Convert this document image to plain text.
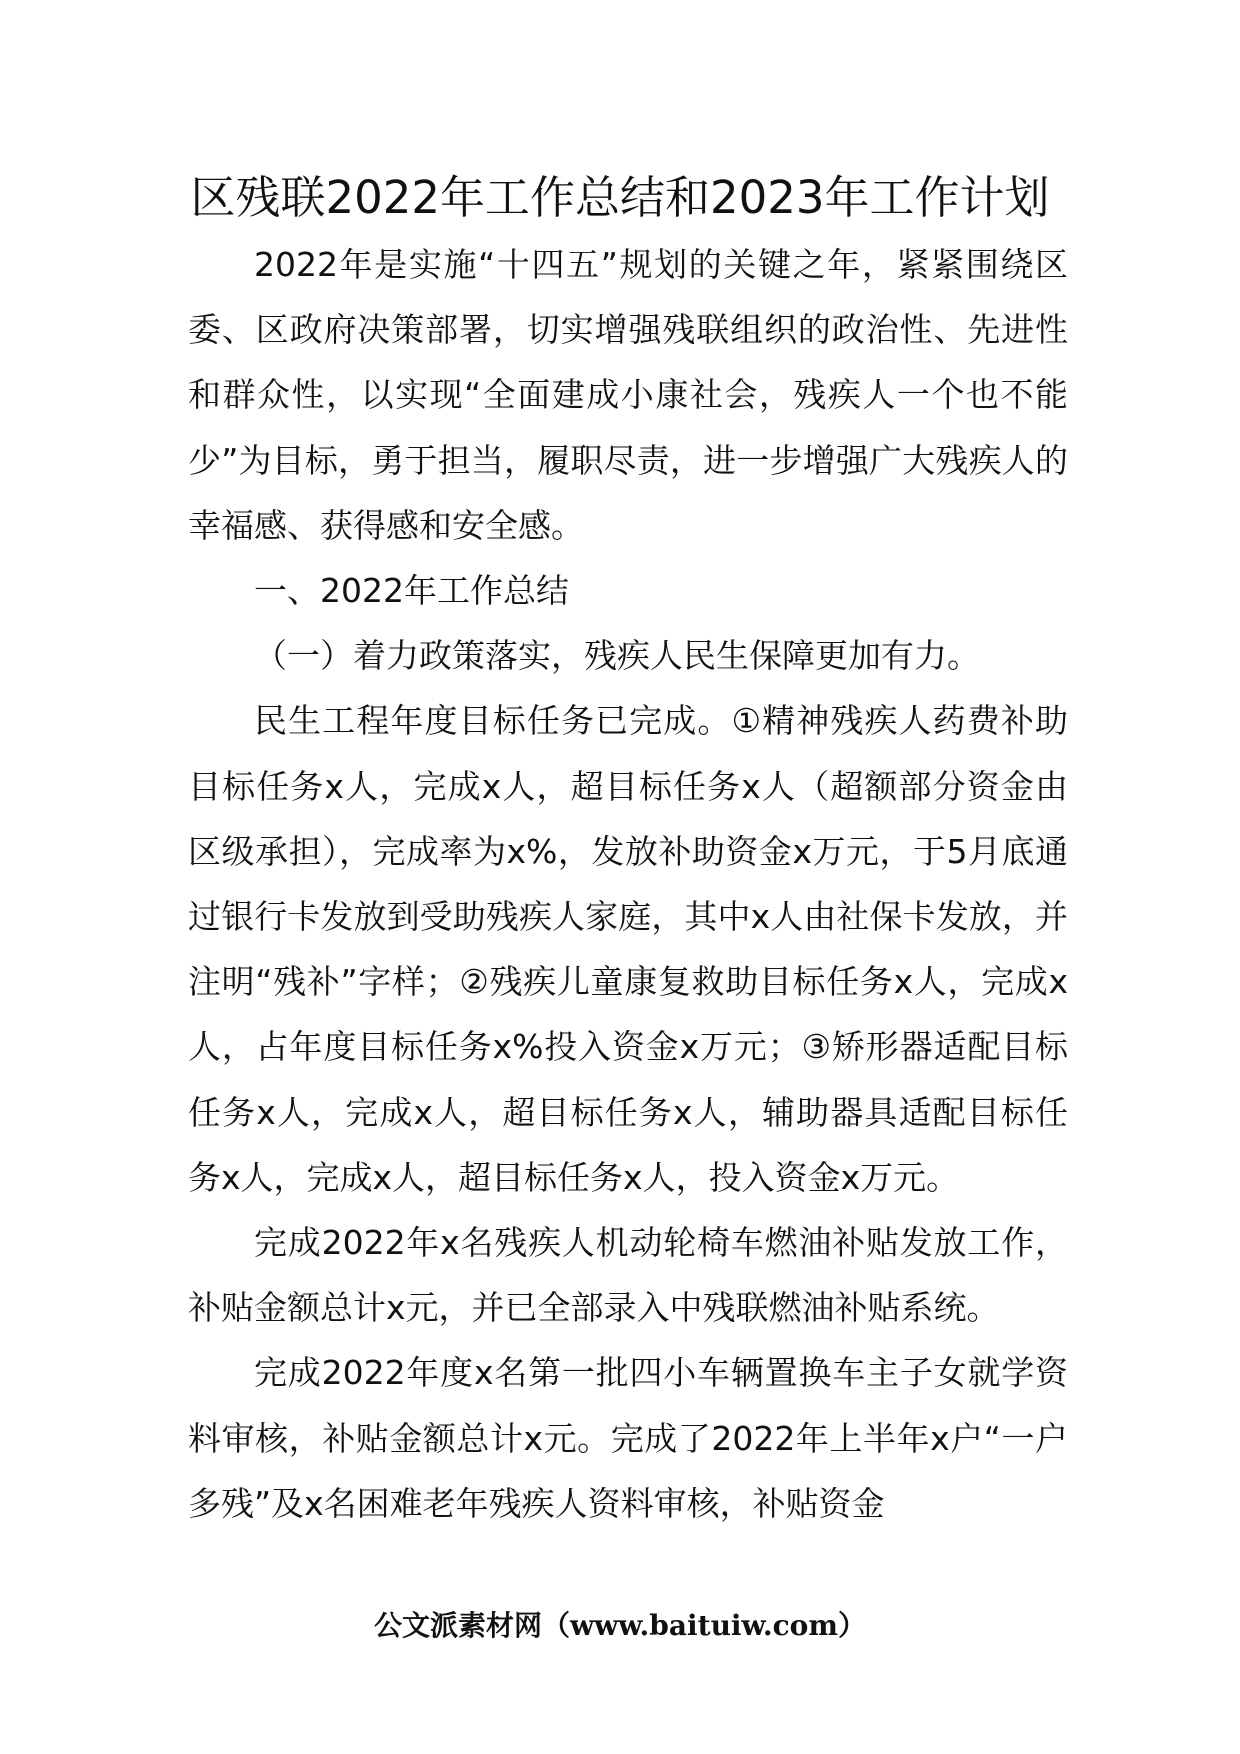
区残联2022年工作总结和2023年工作计划

2022年是实施“十四五”规划的关键之年，紧紧围绕区委、区政府决策部署，切实增强残联组织的政治性、先进性和群众性，以实现“全面建成小康社会，残疾人一个也不能少”为目标，勇于担当，履职尽责，进一步增强广大残疾人的幸福感、获得感和安全感。

一、2022年工作总结

（一）着力政策落实，残疾人民生保障更加有力。

民生工程年度目标任务已完成。①精神残疾人药费补助目标任务x人，完成x人，超目标任务x人（超额部分资金由区级承担），完成率为x%，发放补助资金x万元，于5月底通过银行卡发放到受助残疾人家庭，其中x人由社保卡发放，并注明“残补”字样；②残疾儿童康复救助目标任务x人，完成x人，占年度目标任务x%投入资金x万元；③矫形器适配目标任务x人，完成x人，超目标任务x人，辅助器具适配目标任务x人，完成x人，超目标任务x人，投入资金x万元。

完成2022年x名残疾人机动轮椅车燃油补贴发放工作，补贴金额总计x元，并已全部录入中残联燃油补贴系统。

完成2022年度x名第一批四小车辆置换车主子女就学资料审核，补贴金额总计x元。完成了2022年上半年x户“一户多残”及x名困难老年残疾人资料审核，补贴资金

公文派素材网（www.baituiw.com）
